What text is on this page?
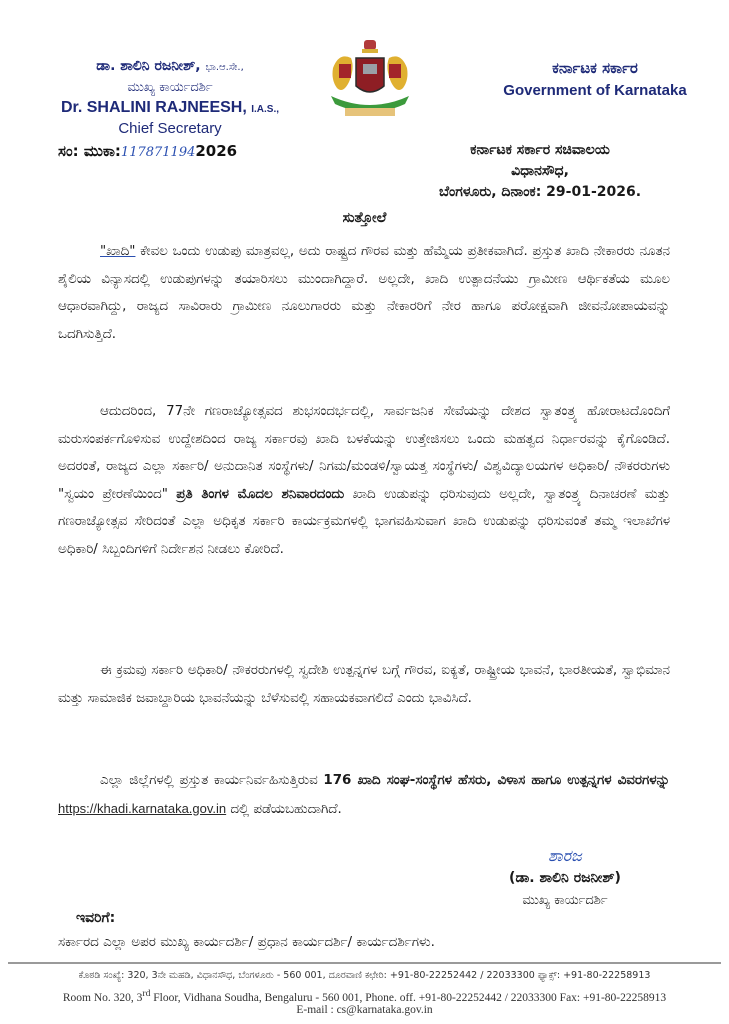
ಡಾ. ಶಾಲಿನಿ ರಜನೀಶ್, ಭಾ.ಆ.ಸೇ.,
ಮುಖ್ಯ ಕಾರ್ಯದರ್ಶಿ
Dr. SHALINI RAJNEESH, I.A.S.,
Chief Secretary
ಸಂ: ಮುಕಾ:1178711942026
ಕರ್ನಾಟಕ ಸರ್ಕಾರ
Government of Karnataka
ಕರ್ನಾಟಕ ಸರ್ಕಾರ ಸಚಿವಾಲಯ
ವಿಧಾನಸೌಧ,
ಬೆಂಗಳೂರು, ದಿನಾಂಕ: 29-01-2026.
ಸುತ್ತೋಲೆ
"ಖಾದಿ" ಕೇವಲ ಒಂದು ಉಡುಪು ಮಾತ್ರವಲ್ಲ, ಅದು ರಾಷ್ಟ್ರದ ಗೌರವ ಮತ್ತು ಹೆಮ್ಮೆಯ ಪ್ರತೀಕವಾಗಿದೆ. ಪ್ರಸ್ತುತ ಖಾದಿ ನೇಕಾರರು ನೂತನ ಶೈಲಿಯ ವಿನ್ಯಾಸದಲ್ಲಿ ಉಡುಪುಗಳನ್ನು ತಯಾರಿಸಲು ಮುಂದಾಗಿದ್ದಾರೆ. ಅಲ್ಲದೇ, ಖಾದಿ ಉತ್ಪಾದನೆಯು ಗ್ರಾಮೀಣ ಆರ್ಥಿಕತೆಯ ಮೂಲ ಆಧಾರವಾಗಿದ್ದು, ರಾಜ್ಯದ ಸಾವಿರಾರು ಗ್ರಾಮೀಣ ನೂಲುಗಾರರು ಮತ್ತು ನೇಕಾರರಿಗೆ ನೇರ ಹಾಗೂ ಪರೋಕ್ಷವಾಗಿ ಜೀವನೋಪಾಯವನ್ನು ಒದಗಿಸುತ್ತಿದೆ.
ಆದುದರಿಂದ, 77ನೇ ಗಣರಾಜ್ಯೋತ್ಸವದ ಶುಭಸಂದರ್ಭದಲ್ಲಿ, ಸಾರ್ವಜನಿಕ ಸೇವೆಯನ್ನು ದೇಶದ ಸ್ವಾತಂತ್ರ್ಯ ಹೋರಾಟದೊಂದಿಗೆ ಮರುಸಂಪರ್ಕಗೊಳಿಸುವ ಉದ್ದೇಶದಿಂದ ರಾಜ್ಯ ಸರ್ಕಾರವು ಖಾದಿ ಬಳಕೆಯನ್ನು ಉತ್ತೇಜಿಸಲು ಒಂದು ಮಹತ್ವದ ನಿರ್ಧಾರವನ್ನು ಕೈಗೊಂಡಿದೆ. ಅದರಂತೆ, ರಾಜ್ಯದ ಎಲ್ಲಾ ಸರ್ಕಾರಿ/ ಅನುದಾನಿತ ಸಂಸ್ಥೆಗಳು/ ನಿಗಮ/ಮಂಡಳಿ/ಸ್ವಾಯತ್ತ ಸಂಸ್ಥೆಗಳು/ ವಿಶ್ವವಿದ್ಯಾಲಯಗಳ ಅಧಿಕಾರಿ/ ನೌಕರರುಗಳು "ಸ್ವಯಂ ಪ್ರೇರಣೆಯಿಂದ" ಪ್ರತಿ ತಿಂಗಳ ಮೊದಲ ಶನಿವಾರದಂದು ಖಾದಿ ಉಡುಪನ್ನು ಧರಿಸುವುದು ಅಲ್ಲದೇ, ಸ್ವಾತಂತ್ರ್ಯ ದಿನಾಚರಣೆ ಮತ್ತು ಗಣರಾಜ್ಯೋತ್ಸವ ಸೇರಿದಂತೆ ಎಲ್ಲಾ ಅಧಿಕೃತ ಸರ್ಕಾರಿ ಕಾರ್ಯಕ್ರಮಗಳಲ್ಲಿ ಭಾಗವಹಿಸುವಾಗ ಖಾದಿ ಉಡುಪನ್ನು ಧರಿಸುವಂತೆ ತಮ್ಮ ಇಲಾಖೆಗಳ ಅಧಿಕಾರಿ/ ಸಿಬ್ಬಂದಿಗಳಿಗೆ ನಿರ್ದೇಶನ ನೀಡಲು ಕೋರಿದೆ.
ಈ ಕ್ರಮವು ಸರ್ಕಾರಿ ಅಧಿಕಾರಿ/ ನೌಕರರುಗಳಲ್ಲಿ ಸ್ವದೇಶಿ ಉತ್ಪನ್ನಗಳ ಬಗ್ಗೆ ಗೌರವ, ಐಕ್ಯತೆ, ರಾಷ್ಟ್ರೀಯ ಭಾವನೆ, ಭಾರತೀಯತೆ, ಸ್ವಾಭಿಮಾನ ಮತ್ತು ಸಾಮಾಜಿಕ ಜವಾಬ್ದಾರಿಯ ಭಾವನೆಯನ್ನು ಬೆಳೆಸುವಲ್ಲಿ ಸಹಾಯಕವಾಗಲಿದೆ ಎಂದು ಭಾವಿಸಿದೆ.
ಎಲ್ಲಾ ಜಿಲ್ಲೆಗಳಲ್ಲಿ ಪ್ರಸ್ತುತ ಕಾರ್ಯನಿರ್ವಹಿಸುತ್ತಿರುವ 176 ಖಾದಿ ಸಂಘ-ಸಂಸ್ಥೆಗಳ ಹೆಸರು, ವಿಳಾಸ ಹಾಗೂ ಉತ್ಪನ್ನಗಳ ವಿವರಗಳನ್ನು https://khadi.karnataka.gov.in ದಲ್ಲಿ ಪಡೆಯಬಹುದಾಗಿದೆ.
ಶಾರಜ
(ಡಾ. ಶಾಲಿನಿ ರಜನೀಶ್)
ಮುಖ್ಯ ಕಾರ್ಯದರ್ಶಿ
ಇವರಿಗೆ:
ಸರ್ಕಾರದ ಎಲ್ಲಾ ಅಪರ ಮುಖ್ಯ ಕಾರ್ಯದರ್ಶಿ/ ಪ್ರಧಾನ ಕಾರ್ಯದರ್ಶಿ/ ಕಾರ್ಯದರ್ಶಿಗಳು.
ಕೊಠಡಿ ಸಂಖ್ಯೆ: 320, 3ನೇ ಮಹಡಿ, ವಿಧಾನಸೌಧ, ಬೆಂಗಳೂರು - 560 001, ದೂರವಾಣಿ ಕಛೇರಿ: +91-80-22252442 / 22033300 ಫ್ಯಾಕ್ಸ್: +91-80-22258913
Room No. 320, 3rd Floor, Vidhana Soudha, Bengaluru - 560 001, Phone. off. +91-80-22252442 / 22033300 Fax: +91-80-22258913
E-mail : cs@karnataka.gov.in
